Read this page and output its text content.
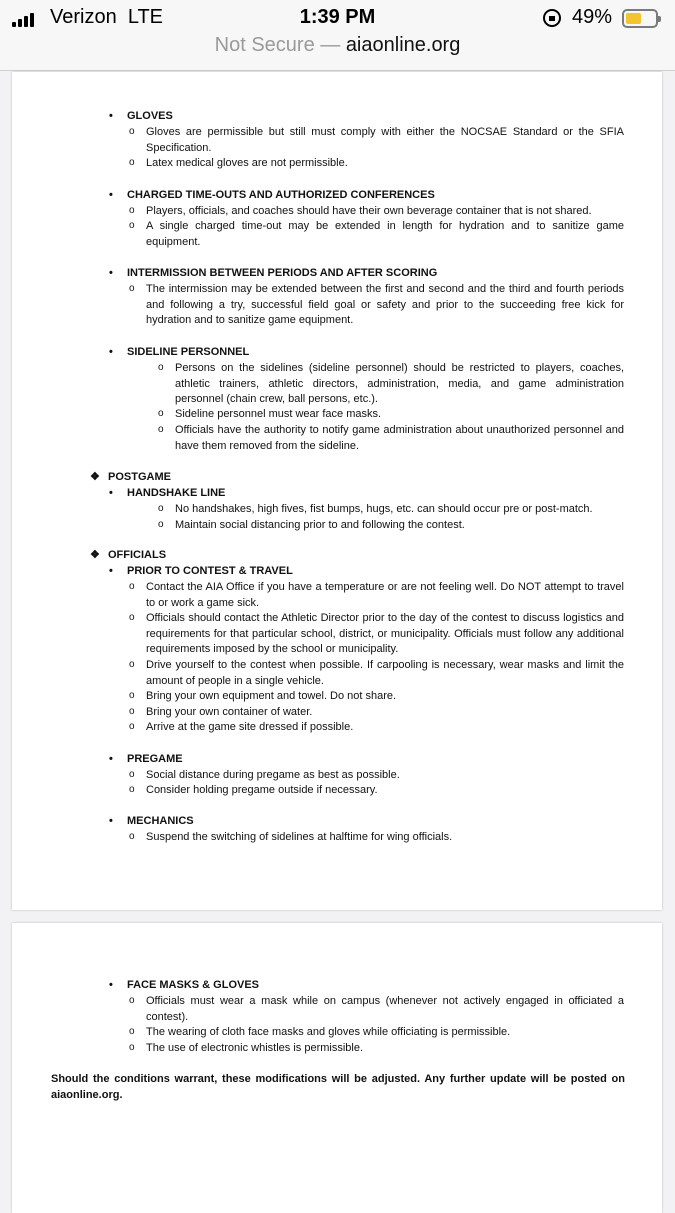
Verizon  LTE	1:39 PM	49%
Not Secure — aiaonline.org
• GLOVES
o Gloves are permissible but still must comply with either the NOCSAE Standard or the SFIA Specification.
o Latex medical gloves are not permissible.
• CHARGED TIME-OUTS AND AUTHORIZED CONFERENCES
o Players, officials, and coaches should have their own beverage container that is not shared.
o A single charged time-out may be extended in length for hydration and to sanitize game equipment.
• INTERMISSION BETWEEN PERIODS AND AFTER SCORING
o The intermission may be extended between the first and second and the third and fourth periods and following a try, successful field goal or safety and prior to the succeeding free kick for hydration and to sanitize game equipment.
• SIDELINE PERSONNEL
o Persons on the sidelines (sideline personnel) should be restricted to players, coaches, athletic trainers, athletic directors, administration, media, and game administration personnel (chain crew, ball persons, etc.).
o Sideline personnel must wear face masks.
o Officials have the authority to notify game administration about unauthorized personnel and have them removed from the sideline.
❖ POSTGAME
• HANDSHAKE LINE
o No handshakes, high fives, fist bumps, hugs, etc. can should occur pre or post-match.
o Maintain social distancing prior to and following the contest.
❖ OFFICIALS
• PRIOR TO CONTEST & TRAVEL
o Contact the AIA Office if you have a temperature or are not feeling well. Do NOT attempt to travel to or work a game sick.
o Officials should contact the Athletic Director prior to the day of the contest to discuss logistics and requirements for that particular school, district, or municipality. Officials must follow any additional requirements imposed by the school or municipality.
o Drive yourself to the contest when possible. If carpooling is necessary, wear masks and limit the amount of people in a single vehicle.
o Bring your own equipment and towel. Do not share.
o Bring your own container of water.
o Arrive at the game site dressed if possible.
• PREGAME
o Social distance during pregame as best as possible.
o Consider holding pregame outside if necessary.
• MECHANICS
o Suspend the switching of sidelines at halftime for wing officials.
• FACE MASKS & GLOVES
o Officials must wear a mask while on campus (whenever not actively engaged in officiated a contest).
o The wearing of cloth face masks and gloves while officiating is permissible.
o The use of electronic whistles is permissible.
Should the conditions warrant, these modifications will be adjusted. Any further update will be posted on aiaonline.org.
